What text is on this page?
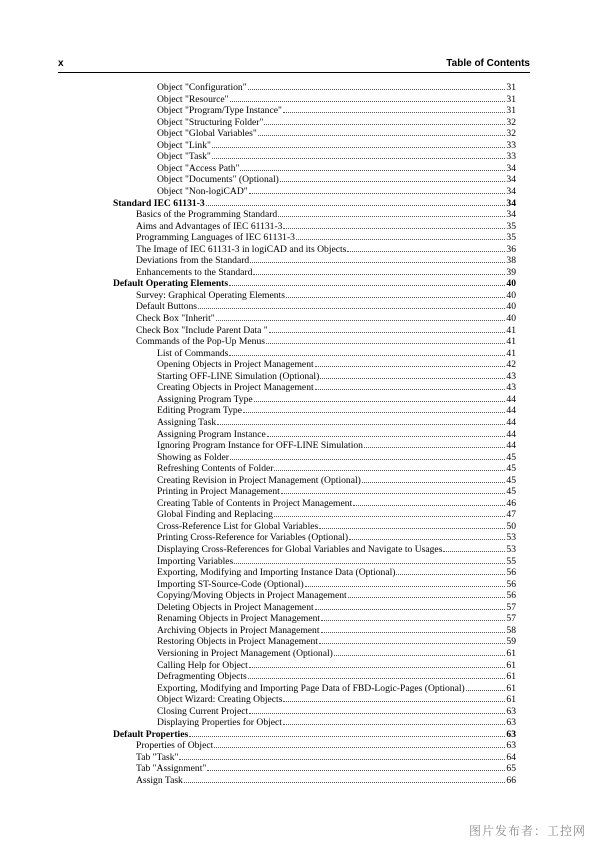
x	Table of Contents
Object "Configuration"	31
Object "Resource"	31
Object "Program/Type Instance"	31
Object "Structuring Folder"	32
Object "Global Variables"	32
Object "Link"	33
Object "Task"	33
Object "Access Path"	34
Object "Documents" (Optional)	34
Object "Non-logiCAD"	34
Standard IEC 61131-3	34
Basics of the Programming Standard	34
Aims and Advantages of IEC 61131-3	35
Programming Languages of IEC 61131-3	35
The Image of IEC 61131-3 in logiCAD and its Objects	36
Deviations from the Standard	38
Enhancements to the Standard	39
Default Operating Elements	40
Survey: Graphical Operating Elements	40
Default Buttons	40
Check Box "Inherit"	40
Check Box "Include Parent Data "	41
Commands of the Pop-Up Menus	41
List of Commands	41
Opening Objects in Project Management	42
Starting OFF-LINE Simulation (Optional)	43
Creating Objects in Project Management	43
Assigning Program Type	44
Editing Program Type	44
Assigning Task	44
Assigning Program Instance	44
Ignoring Program Instance for OFF-LINE Simulation	44
Showing as Folder	45
Refreshing Contents of Folder	45
Creating Revision in Project Management (Optional)	45
Printing in Project Management	45
Creating Table of Contents in Project Management	46
Global Finding and Replacing	47
Cross-Reference List for Global Variables	50
Printing Cross-Reference for Variables (Optional)	53
Displaying Cross-References for Global Variables and Navigate to Usages	53
Importing Variables	55
Exporting, Modifying and Importing Instance Data (Optional)	56
Importing ST-Source-Code (Optional)	56
Copying/Moving Objects in Project Management	56
Deleting Objects in Project Management	57
Renaming Objects in Project Management	57
Archiving Objects in Project Management	58
Restoring Objects in Project Management	59
Versioning in Project Management (Optional)	61
Calling Help for Object	61
Defragmenting Objects	61
Exporting, Modifying and Importing Page Data of FBD-Logic-Pages (Optional)	61
Object Wizard: Creating Objects	61
Closing Current Project	63
Displaying Properties for Object	63
Default Properties	63
Properties of Object	63
Tab "Task"	64
Tab "Assignment"	65
Assign Task	66
图片发布者：工控网
